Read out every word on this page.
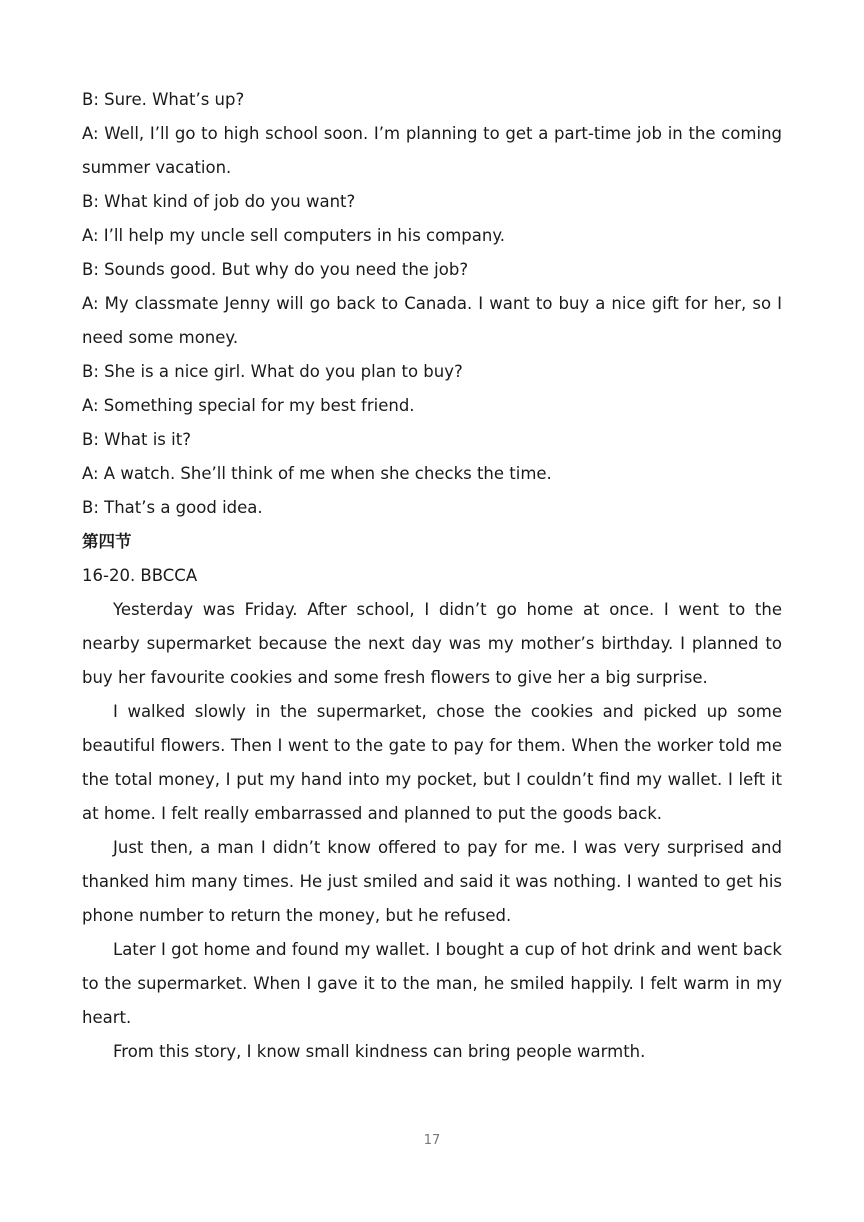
B: Sure. What’s up?

A: Well, I’ll go to high school soon. I’m planning to get a part-time job in the coming summer vacation.

B: What kind of job do you want?

A: I’ll help my uncle sell computers in his company.

B: Sounds good. But why do you need the job?

A: My classmate Jenny will go back to Canada. I want to buy a nice gift for her, so I need some money.

B: She is a nice girl. What do you plan to buy?

A: Something special for my best friend.

B: What is it?

A: A watch. She’ll think of me when she checks the time.

B: That’s a good idea.

第四节

16-20. BBCCA

Yesterday was Friday. After school, I didn’t go home at once. I went to the nearby supermarket because the next day was my mother’s birthday. I planned to buy her favourite cookies and some fresh flowers to give her a big surprise.

I walked slowly in the supermarket, chose the cookies and picked up some beautiful flowers. Then I went to the gate to pay for them. When the worker told me the total money, I put my hand into my pocket, but I couldn’t find my wallet. I left it at home. I felt really embarrassed and planned to put the goods back.

Just then, a man I didn’t know offered to pay for me. I was very surprised and thanked him many times. He just smiled and said it was nothing. I wanted to get his phone number to return the money, but he refused.

Later I got home and found my wallet. I bought a cup of hot drink and went back to the supermarket. When I gave it to the man, he smiled happily. I felt warm in my heart.

From this story, I know small kindness can bring people warmth.

17
